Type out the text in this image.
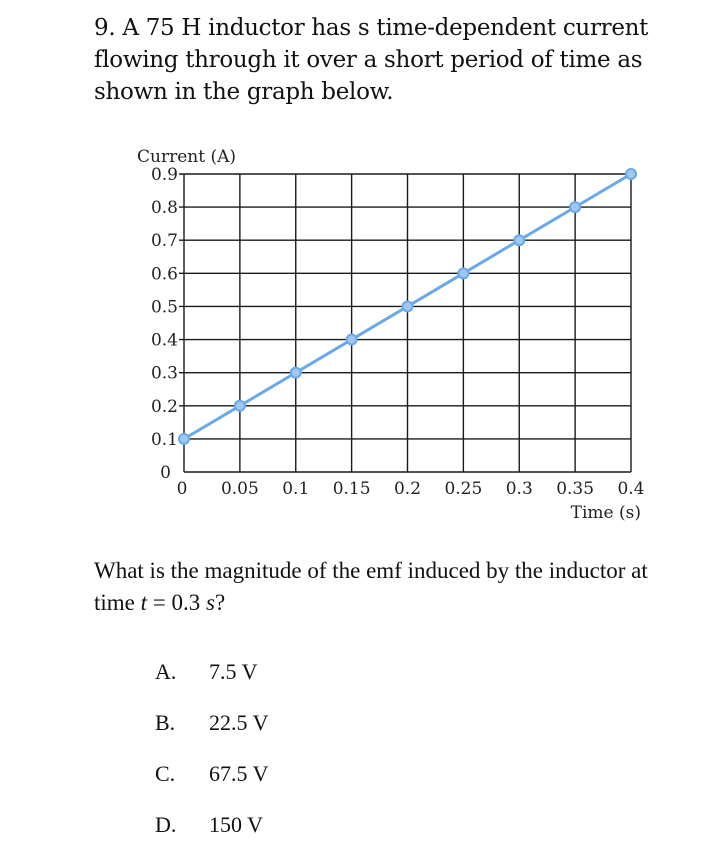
9. A 75 H inductor has s time-dependent current flowing through it over a short period of time as shown in the graph below.
Current (A)
Time (s)
0
0.1
0.2
0.3
0.4
0.5
0.6
0.7
0.8
0.9
0 0.05 0.1 0.15 0.2 0.25 0.3 0.35 0.4

What is the magnitude of the emf induced by the inductor at time t = 0.3 s?

A. 7.5 V
B. 22.5 V
C. 67.5 V
D. 150 V
